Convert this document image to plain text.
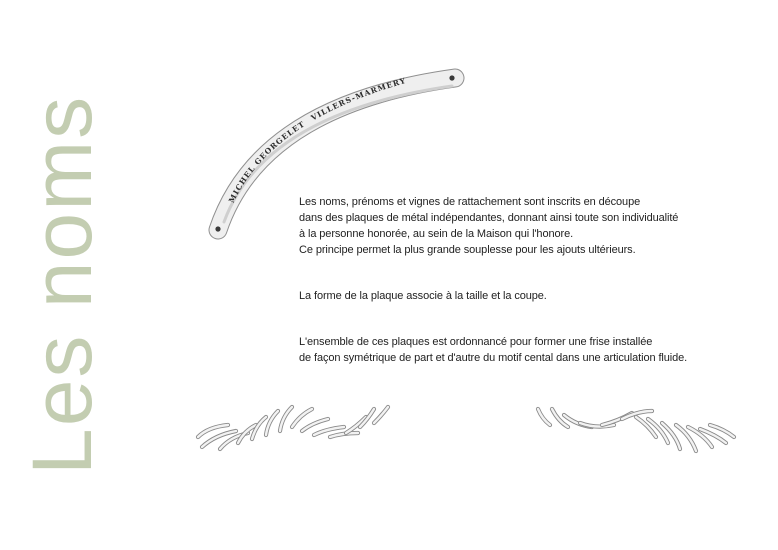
Les noms	MICHEL GEORGELET
VILLERS-MARMERY

Les noms, prénoms et vignes de rattachement sont inscrits en découpe
dans des plaques de métal indépendantes, donnant ainsi toute son individualité
à la personne honorée, au sein de la Maison qui l'honore.
Ce principe permet la plus grande souplesse pour les ajouts ultérieurs.

La forme de la plaque associe à la taille et la coupe.

L'ensemble de ces plaques est ordonnancé pour former une frise installée
de façon symétrique de part et d'autre du motif cental dans une articulation fluide.
